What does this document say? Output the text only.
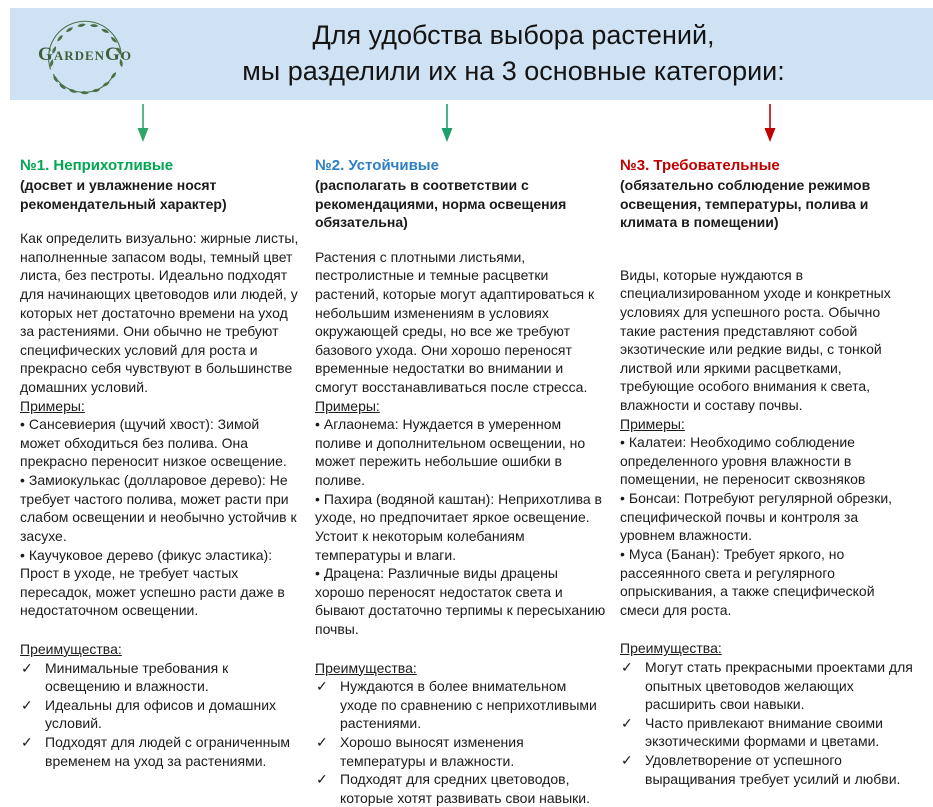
GardenGo
Для удобства выбора растений,
мы разделили их на 3 основные категории:

№1. Неприхотливые

(досвет и увлажнение носят рекомендательный характер)

Как определить визуально: жирные листы, наполненные запасом воды, темный цвет листа, без пестроты. Идеально подходят для начинающих цветоводов или людей, у которых нет достаточно времени на уход за растениями. Они обычно не требуют специфических условий для роста и прекрасно себя чувствуют в большинстве домашних условий.

Примеры:

• Сансевиерия (щучий хвост): Зимой может обходиться без полива. Она прекрасно переносит низкое освещение.

• Замиокулькас (долларовое дерево): Не требует частого полива, может расти при слабом освещении и необычно устойчив к засухе.

• Каучуковое дерево (фикус эластика): Прост в уходе, не требует частых пересадок, может успешно расти даже в недостаточном освещении.

Преимущества:

✓ Минимальные требования к освещению и влажности.
✓ Идеальны для офисов и домашних условий.
✓ Подходят для людей с ограниченным временем на уход за растениями.

№2. Устойчивые

(располагать в соответствии с рекомендациями, норма освещения обязательна)

Растения с плотными листьями, пестролистные и темные расцветки растений, которые могут адаптироваться к небольшим изменениям в условиях окружающей среды, но все же требуют базового ухода. Они хорошо переносят временные недостатки во внимании и смогут восстанавливаться после стресса.

Примеры:

• Аглаонема: Нуждается в умеренном поливе и дополнительном освещении, но может пережить небольшие ошибки в поливе.

• Пахира (водяной каштан): Неприхотлива в уходе, но предпочитает яркое освещение. Устоит к некоторым колебаниям температуры и влаги.

• Драцена: Различные виды драцены хорошо переносят недостаток света и бывают достаточно терпимы к пересыханию почвы.

Преимущества:

✓ Нуждаются в более внимательном уходе по сравнению с неприхотливыми растениями.
✓ Хорошо выносят изменения температуры и влажности.
✓ Подходят для средних цветоводов, которые хотят развивать свои навыки.

№3. Требовательные

(обязательно соблюдение режимов освещения, температуры, полива и климата в помещении)

Виды, которые нуждаются в специализированном уходе и конкретных условиях для успешного роста. Обычно такие растения представляют собой экзотические или редкие виды, с тонкой листвой или яркими расцветками, требующие особого внимания к света, влажности и составу почвы.

Примеры:

• Калатеи: Необходимо соблюдение определенного уровня влажности в помещении, не переносит сквозняков

• Бонсаи: Потребуют регулярной обрезки, специфической почвы и контроля за уровнем влажности.

• Муса (Банан): Требует яркого, но рассеянного света и регулярного опрыскивания, а также специфической смеси для роста.

Преимущества:

✓ Могут стать прекрасными проектами для опытных цветоводов желающих расширить свои навыки.
✓ Часто привлекают внимание своими экзотическими формами и цветами.
✓ Удовлетворение от успешного выращивания требует усилий и любви.
